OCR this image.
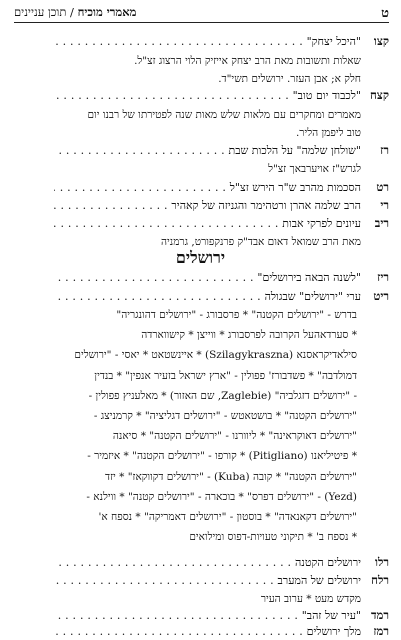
ט
מאמרי מוכיח / תוכן עניינים
קצו
"היכל יצחק" . . .
שאלות ותשובות מאת הרב יצחק אייזיק הלוי הרצוג זצ"ל.
חלק א; אבן העזר. ירושלים תשי"ד.
קצח
"לכבוד יום טוב" . . .
מאמרים ומחקרים עם מלאות שלש מאות שנה לפטירתו של רבנו יום
טוב ליפמן הליר.
רז
"שולחן שלמה" על הלכות שבת . . .
לגרש"ז אויערבאך זצ"ל
רט
הסכמות מהרב ש"ר הירש זצ"ל . . .
רי
הרב שלמה אהרן ורטהימר והגניזה של קאהיר . . .
ריב
עיונים לפרקי אבות . . .
מאת הרב שמואל דאום אבד"ק פרנקפורט, גרמניה
ירושלים
ריז
"לשנה הבאה בירושלים" . . .
ריט
ערי "ירושלים" שבגולה . . .
בדרש - "ירושלים הקטנה" * פרסבורג - "ירושלים דהונגריה"
* סערדאהעל הקרובה לפרסבורג * ווייצן * קישווארדה
סילאדיקראסנא (Szilagykraszna) * איינשטאט * יאסי - "ירושלים
דמולדבה" * פשדבורז' פפולין - "ארץ ישראל בזעיר אנפין" * בנדין
- "ירושלים דזגלביה" (Zaglebie, שם האזור) * מאלעניץ פפולין -
"ירושלים הקטנה" * בושטאטש - "ירושלים דגליציה" * קרמניצג -
"ירושלים דאוקראינה" * ליוורנו - "ירושלים הקטנה" * סיאנה
* פיטיליאנו (Pitigliano) * קורפו - "ירושלים הקטנה" * איזמיר -
"ירושלים הקטנה" * קובה (Kuba) - "ירושלים דקווקאז" * יזד
(Yezd) - "ירושלים דפרס" * בוכארה - "ירושלים קטנה" * ווילנא -
"ירושלים דקאנאדה" * בוסטון - "ירושלים דאמריקה" * נספח א'
* נספח ב' * תיקוני טעויות-דפוס ומילואים
רלו
ירושלים הקטנה . . .
רלח
ירושלים של המערב . . .
מקדש מעט * ערוב העיר
רמד
"עיר של זהב" . . .
רמז
מלך ירושלים . . .
